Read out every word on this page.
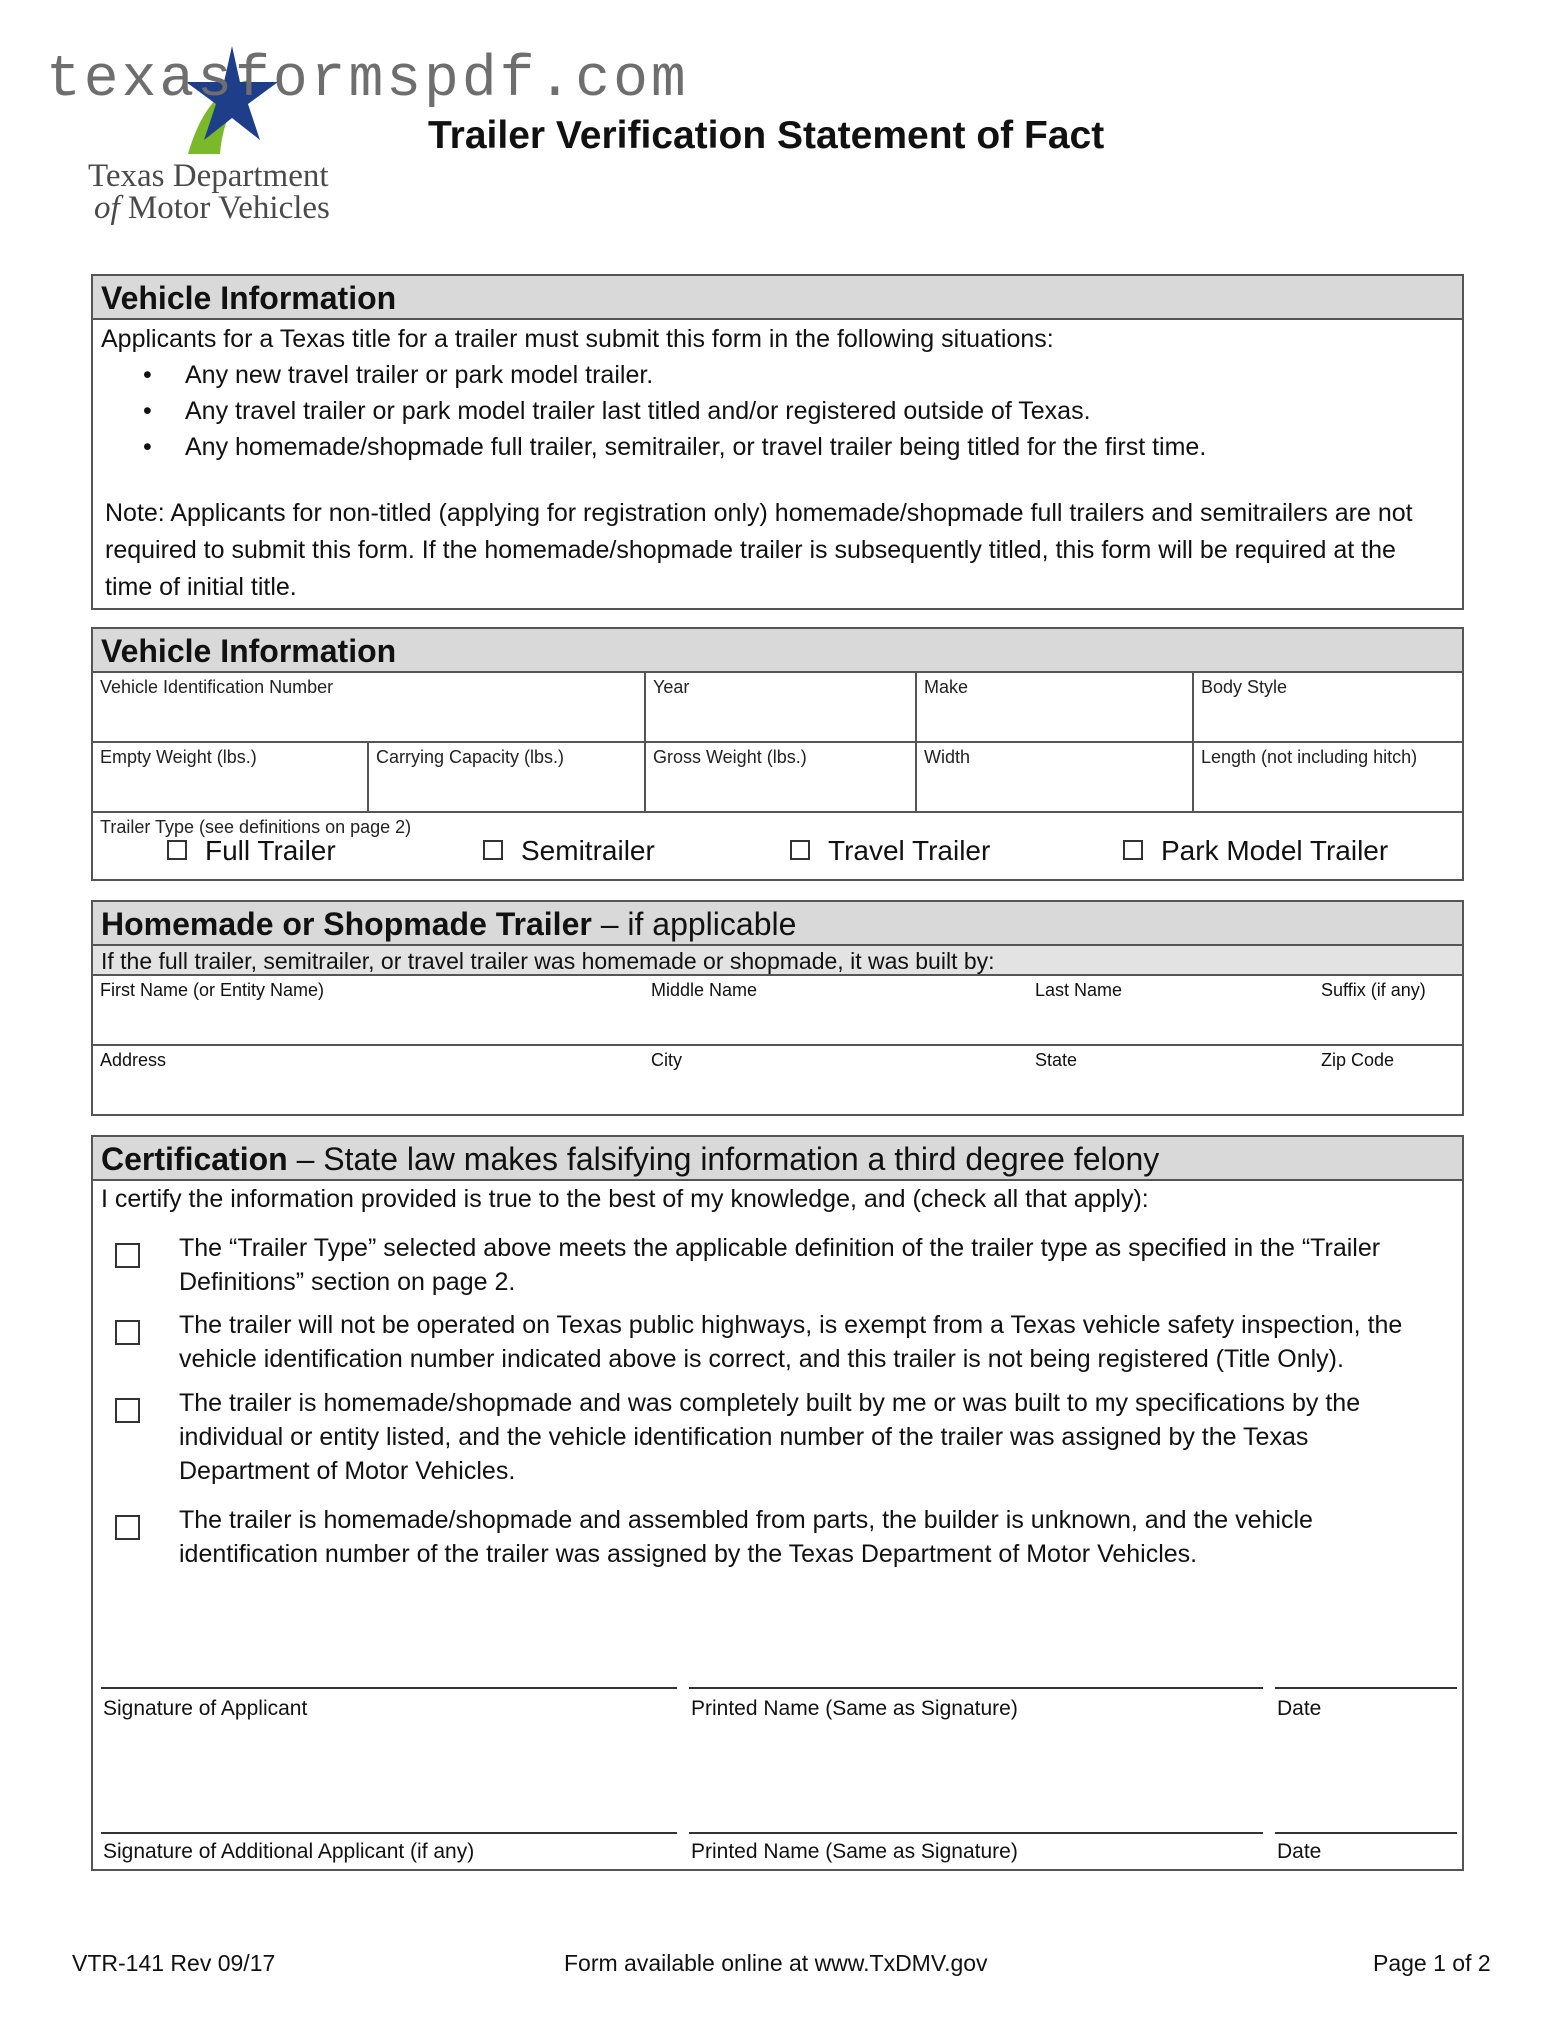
texasformspdf.com
Texas Department
of Motor Vehicles
Trailer Verification Statement of Fact
Vehicle Information
Applicants for a Texas title for a trailer must submit this form in the following situations:
• Any new travel trailer or park model trailer.
• Any travel trailer or park model trailer last titled and/or registered outside of Texas.
• Any homemade/shopmade full trailer, semitrailer, or travel trailer being titled for the first time.
Note: Applicants for non-titled (applying for registration only) homemade/shopmade full trailers and semitrailers are not required to submit this form. If the homemade/shopmade trailer is subsequently titled, this form will be required at the time of initial title.
Vehicle Information
Vehicle Identification Number	Year	Make	Body Style
Empty Weight (lbs.)	Carrying Capacity (lbs.)	Gross Weight (lbs.)	Width	Length (not including hitch)
Trailer Type (see definitions on page 2)
Full Trailer	Semitrailer	Travel Trailer	Park Model Trailer
Homemade or Shopmade Trailer – if applicable
If the full trailer, semitrailer, or travel trailer was homemade or shopmade, it was built by:
First Name (or Entity Name)	Middle Name	Last Name	Suffix (if any)
Address	City	State	Zip Code
Certification – State law makes falsifying information a third degree felony
I certify the information provided is true to the best of my knowledge, and (check all that apply):
The “Trailer Type” selected above meets the applicable definition of the trailer type as specified in the “Trailer Definitions” section on page 2.
The trailer will not be operated on Texas public highways, is exempt from a Texas vehicle safety inspection, the vehicle identification number indicated above is correct, and this trailer is not being registered (Title Only).
The trailer is homemade/shopmade and was completely built by me or was built to my specifications by the individual or entity listed, and the vehicle identification number of the trailer was assigned by the Texas Department of Motor Vehicles.
The trailer is homemade/shopmade and assembled from parts, the builder is unknown, and the vehicle identification number of the trailer was assigned by the Texas Department of Motor Vehicles.
Signature of Applicant	Printed Name (Same as Signature)	Date
Signature of Additional Applicant (if any)	Printed Name (Same as Signature)	Date
VTR-141 Rev 09/17	Form available online at www.TxDMV.gov	Page 1 of 2
